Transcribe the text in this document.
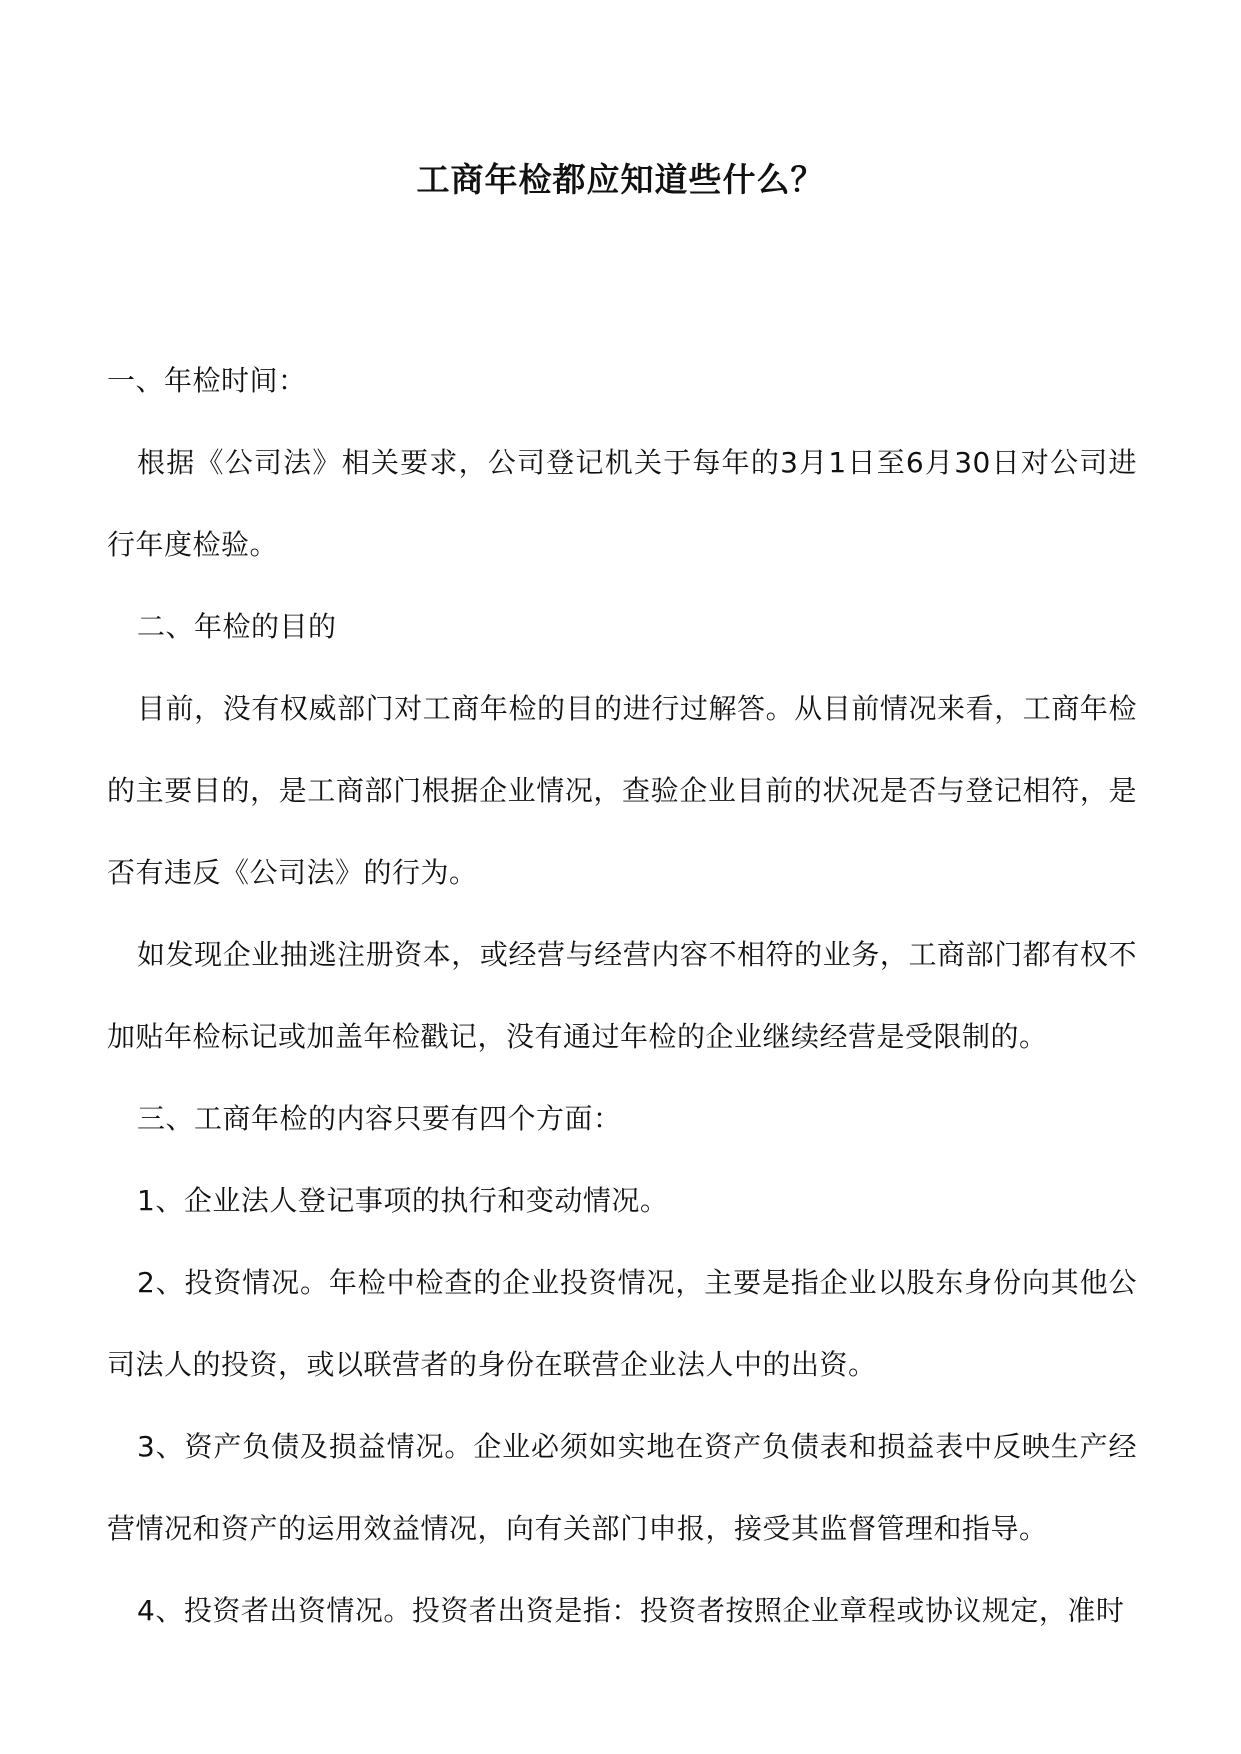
工商年检都应知道些什么？

一、年检时间：

根据《公司法》相关要求，公司登记机关于每年的3月1日至6月30日对公司进行年度检验。

二、年检的目的

目前，没有权威部门对工商年检的目的进行过解答。从目前情况来看，工商年检的主要目的，是工商部门根据企业情况，查验企业目前的状况是否与登记相符，是否有违反《公司法》的行为。

如发现企业抽逃注册资本，或经营与经营内容不相符的业务，工商部门都有权不加贴年检标记或加盖年检戳记，没有通过年检的企业继续经营是受限制的。

三、工商年检的内容只要有四个方面：

1、企业法人登记事项的执行和变动情况。

2、投资情况。年检中检查的企业投资情况，主要是指企业以股东身份向其他公司法人的投资，或以联营者的身份在联营企业法人中的出资。

3、资产负债及损益情况。企业必须如实地在资产负债表和损益表中反映生产经营情况和资产的运用效益情况，向有关部门申报，接受其监督管理和指导。

4、投资者出资情况。投资者出资是指：投资者按照企业章程或协议规定，准时
